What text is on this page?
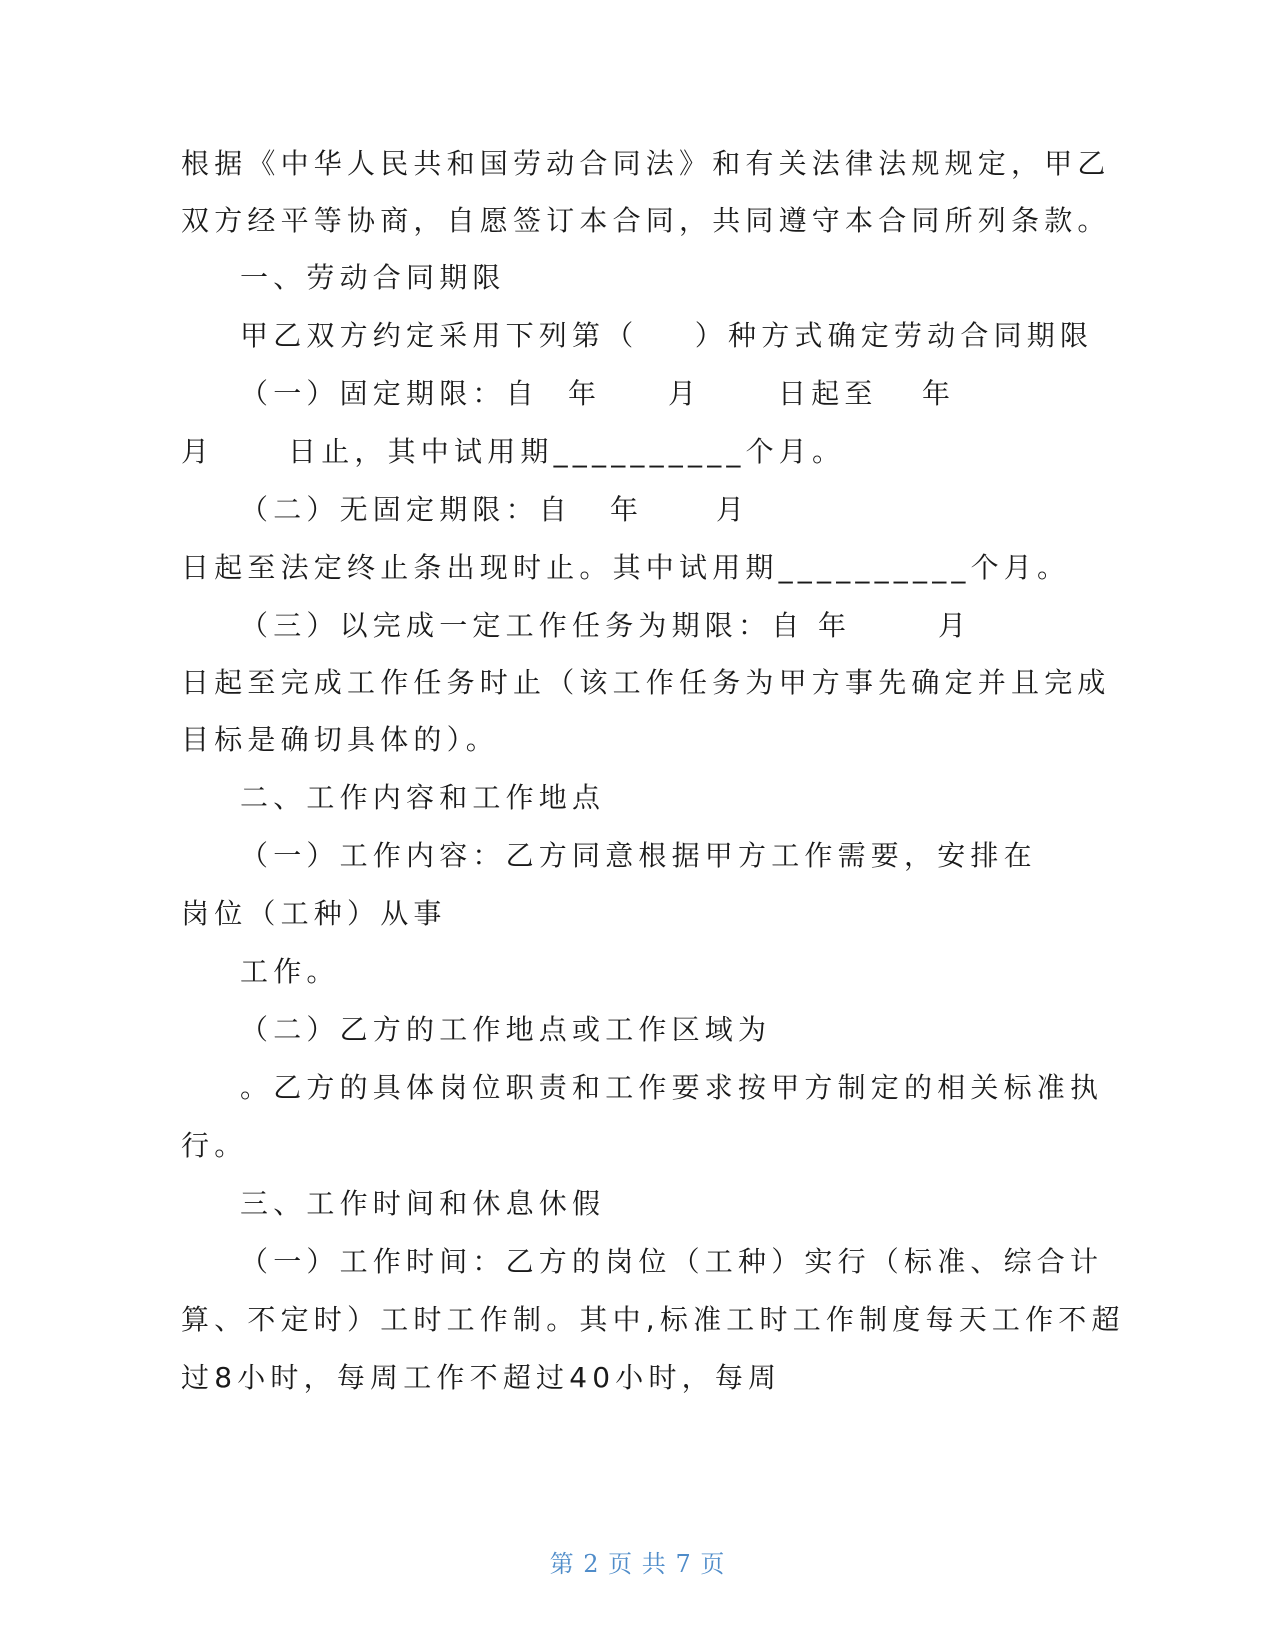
根据《中华人民共和国劳动合同法》和有关法律法规规定，甲乙
双方经平等协商，自愿签订本合同，共同遵守本合同所列条款。
一、劳动合同期限
甲乙双方约定采用下列第（    ）种方式确定劳动合同期限
（一）固定期限：自 年 月	日起至 年
月	日止，其中试用期__________个月。
（二）无固定期限：自 年	月
日起至法定终止条出现时止。其中试用期__________个月。
（三）以完成一定工作任务为期限：自 年	月
日起至完成工作任务时止（该工作任务为甲方事先确定并且完成
目标是确切具体的）。
二、工作内容和工作地点
（一）工作内容：乙方同意根据甲方工作需要，安排在
岗位（工种）从事
工作。
（二）乙方的工作地点或工作区域为
。乙方的具体岗位职责和工作要求按甲方制定的相关标准执
行。
三、工作时间和休息休假
（一）工作时间：乙方的岗位（工种）实行（标准、综合计
算、不定时）工时工作制。其中,标准工时工作制度每天工作不超
过8小时，每周工作不超过40小时，每周
第 2 页 共 7 页
